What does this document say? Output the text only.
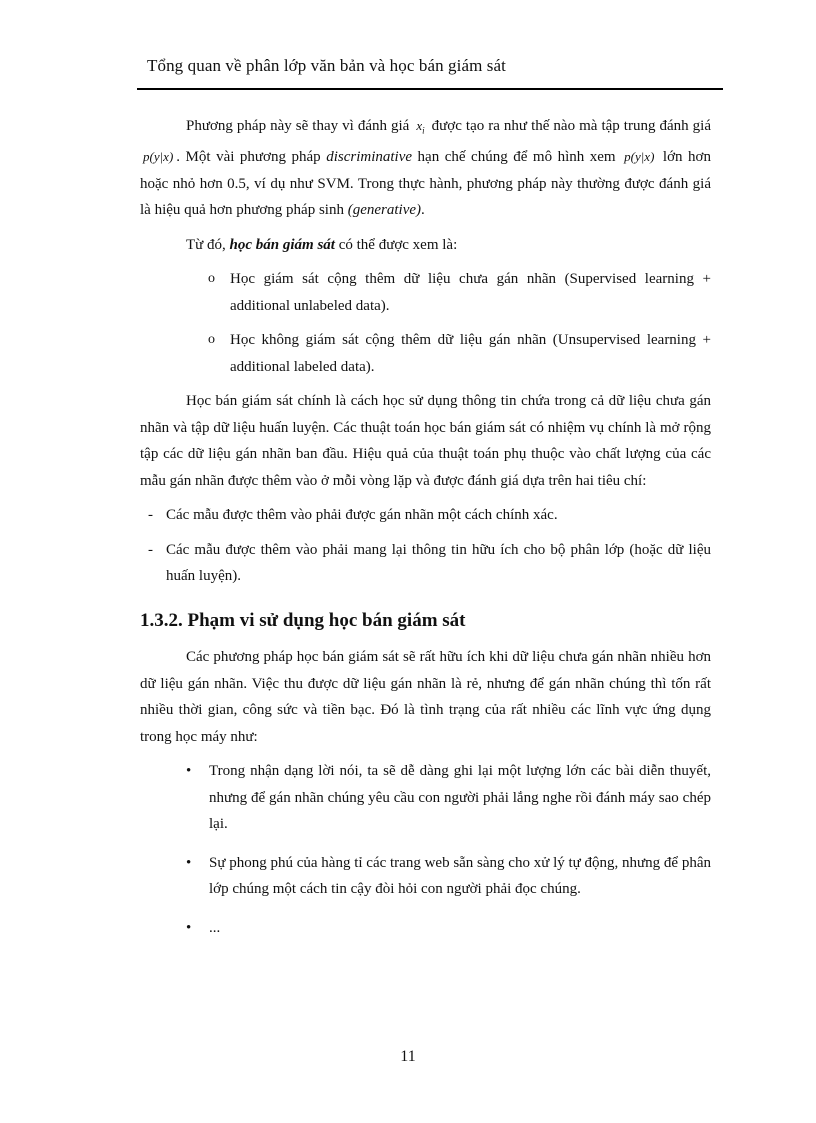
Tổng quan về phân lớp văn bản và học bán giám sát

Phương pháp này sẽ thay vì đánh giá $x_i$ được tạo ra như thế nào mà tập trung đánh giá p(y|x) . Một vài phương pháp discriminative hạn chế chúng để mô hình xem p(y|x) lớn hơn hoặc nhỏ hơn 0.5, ví dụ như SVM. Trong thực hành, phương pháp này thường được đánh giá là hiệu quả hơn phương pháp sinh (generative).

Từ đó, học bán giám sát có thể được xem là:

o Học giám sát cộng thêm dữ liệu chưa gán nhãn (Supervised learning + additional unlabeled data).
o Học không giám sát cộng thêm dữ liệu gán nhãn (Unsupervised learning + additional labeled data).

Học bán giám sát chính là cách học sử dụng thông tin chứa trong cả dữ liệu chưa gán nhãn và tập dữ liệu huấn luyện. Các thuật toán học bán giám sát có nhiệm vụ chính là mở rộng tập các dữ liệu gán nhãn ban đầu. Hiệu quả của thuật toán phụ thuộc vào chất lượng của các mẫu gán nhãn được thêm vào ở mỗi vòng lặp và được đánh giá dựa trên hai tiêu chí:

- Các mẫu được thêm vào phải được gán nhãn một cách chính xác.
- Các mẫu được thêm vào phải mang lại thông tin hữu ích cho bộ phân lớp (hoặc dữ liệu huấn luyện).
1.3.2. Phạm vi sử dụng học bán giám sát

Các phương pháp học bán giám sát sẽ rất hữu ích khi dữ liệu chưa gán nhãn nhiều hơn dữ liệu gán nhãn. Việc thu được dữ liệu gán nhãn là rẻ, nhưng để gán nhãn chúng thì tốn rất nhiều thời gian, công sức và tiền bạc. Đó là tình trạng của rất nhiều các lĩnh vực ứng dụng trong học máy như:

• Trong nhận dạng lời nói, ta sẽ dễ dàng ghi lại một lượng lớn các bài diễn thuyết, nhưng để gán nhãn chúng yêu cầu con người phải lắng nghe rồi đánh máy sao chép lại.
• Sự phong phú của hàng tỉ các trang web sẵn sàng cho xử lý tự động, nhưng để phân lớp chúng một cách tin cậy đòi hỏi con người phải đọc chúng.
• ...
11
